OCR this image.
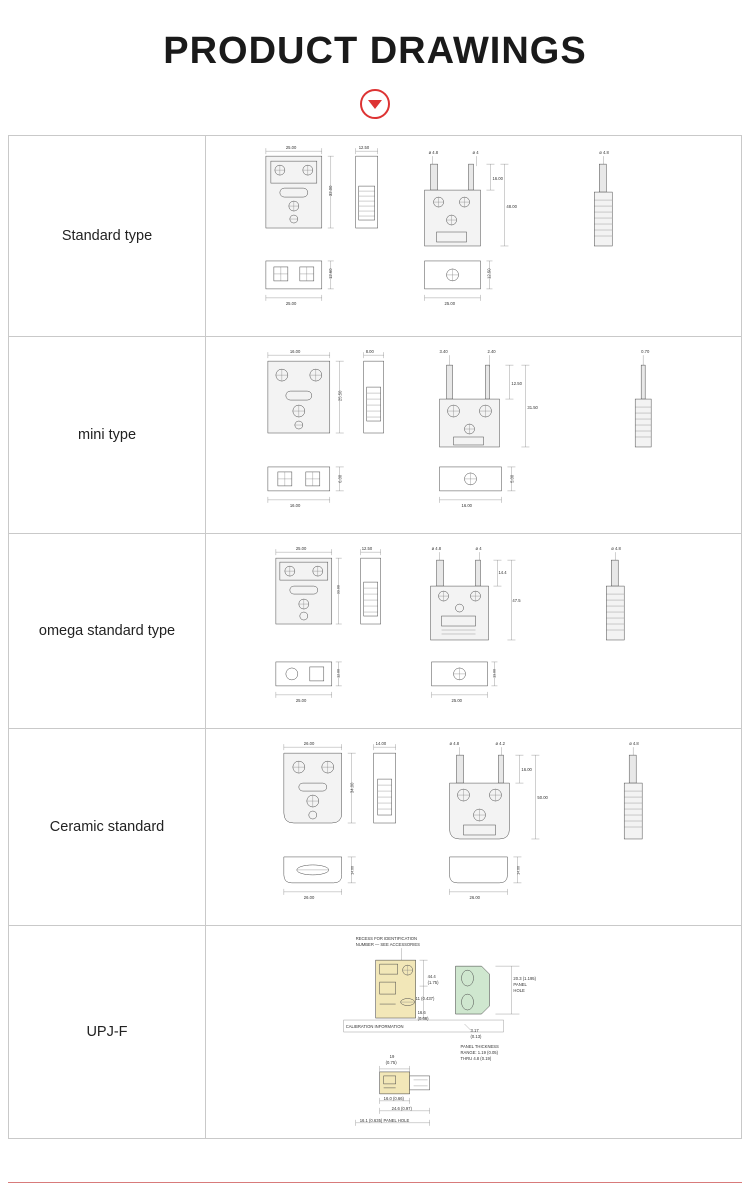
PRODUCT DRAWINGS
Standard type	
25.00
32.00
12.50
ø 4.8	ø 4
16.00
48.00
ø 4.8
12.60
25.00
12.50
25.00

mini type	
16.00
25.50
8.00	3.40	2.40
12.50
31.50
0.70
6.00
16.00
5.00
16.00

omega standard type	
25.00
33.00
12.50	ø 4.8	ø 4
14.4
47.5
ø 4.8
12.00
25.00
13.00
25.00

Ceramic standard	
26.00
34.00
14.00	ø 4.8	ø 4.2
16.00
50.00
ø 4.8
14.00
26.00
14.00
26.00

UPJ-F	
RECESS FOR IDENTIFICATION
NUMBER — SEE ACCESSORIES
44.4
(1.75)
11 (0.437)
16.6
(0.66)
20.3 (1.195)
PANEL
HOLE
CALIBRATION INFORMATION
3.17
(0.13)
PANEL THICKNESS
RANGE: 1.19 (0.05)
THRU 4.8 (0.19)
19
(0.75)
16.0 (0.66)
24.6 (0.97)
16.1 (0.635) PANEL HOLE
